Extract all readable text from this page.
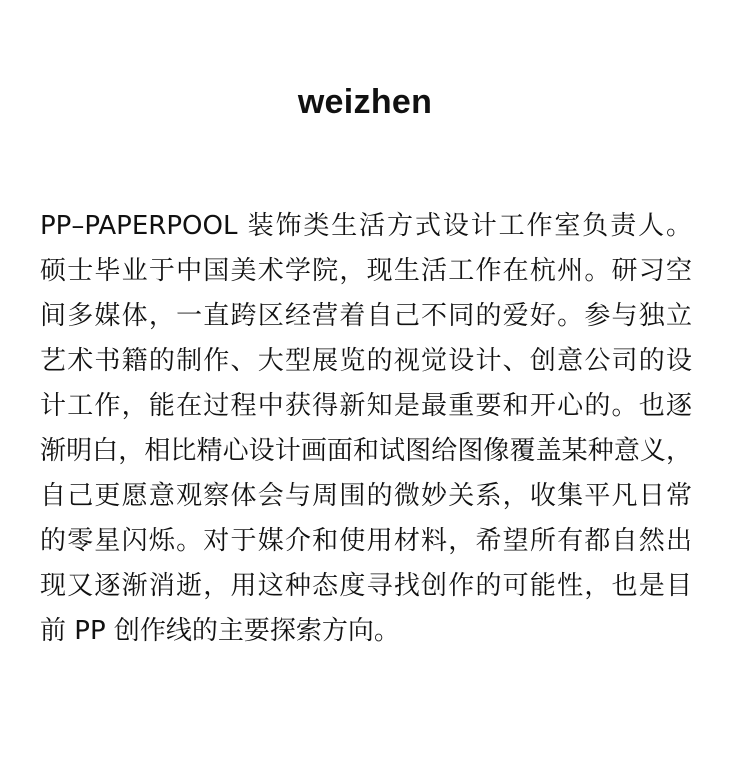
weizhen
PP–PAPERPOOL 装饰类生活方式设计工作室负责人。
硕士毕业于中国美术学院，现生活工作在杭州。研习空
间多媒体，一直跨区经营着自己不同的爱好。参与独立
艺术书籍的制作、大型展览的视觉设计、创意公司的设
计工作，能在过程中获得新知是最重要和开心的。也逐
渐明白，相比精心设计画面和试图给图像覆盖某种意义，
自己更愿意观察体会与周围的微妙关系，收集平凡日常
的零星闪烁。对于媒介和使用材料，希望所有都自然出
现又逐渐消逝，用这种态度寻找创作的可能性，也是目
前 PP 创作线的主要探索方向。
